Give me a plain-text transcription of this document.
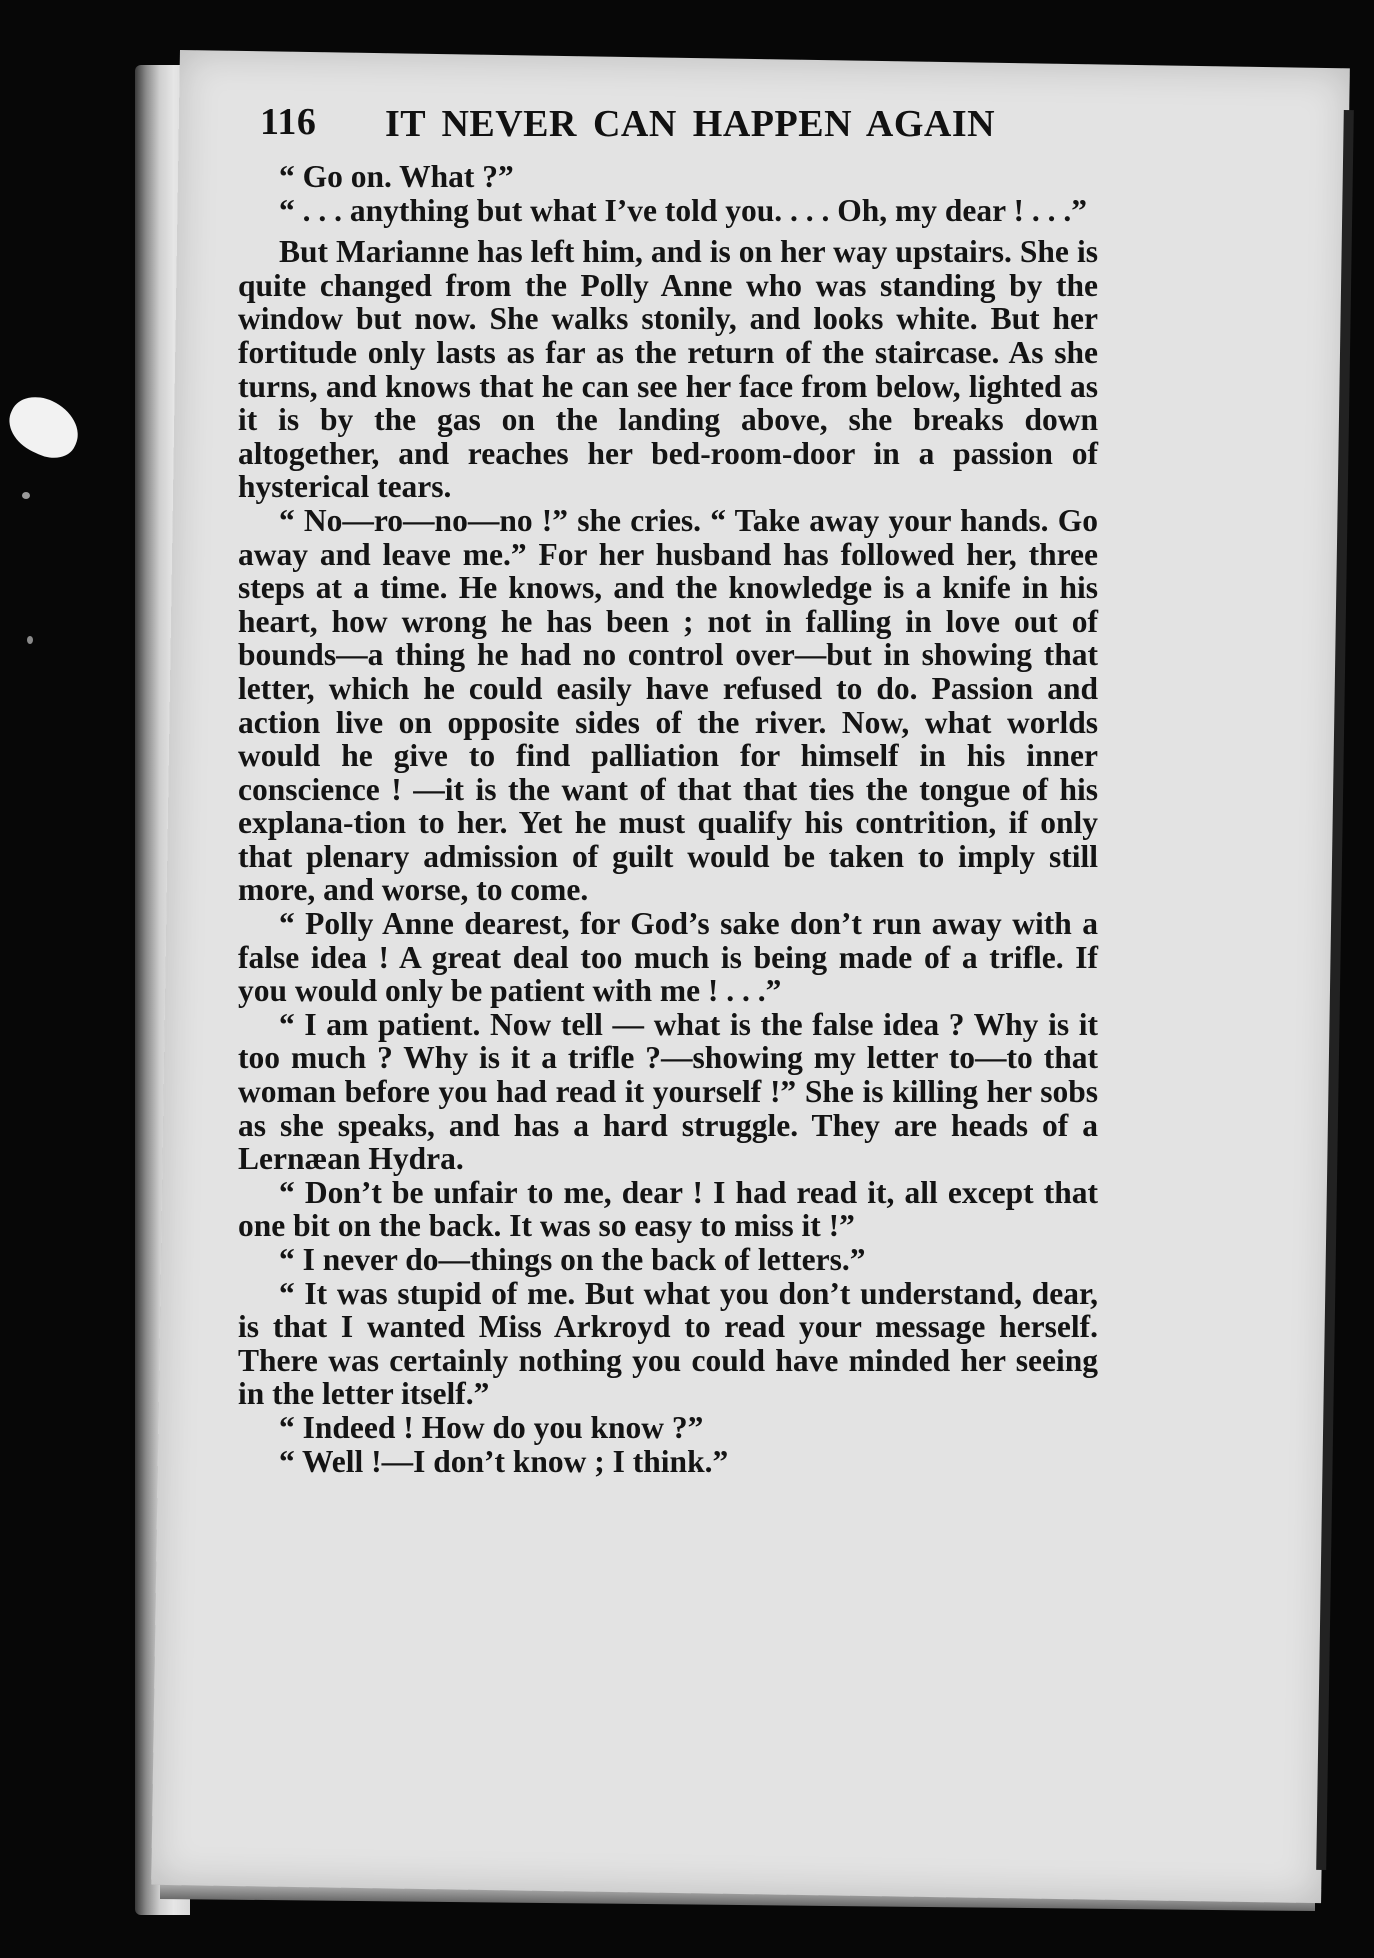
116 IT NEVER CAN HAPPEN AGAIN

“ Go on. What ?”

“ . . . anything but what I’ve told you. . . . Oh, my dear ! . . .”

But Marianne has left him, and is on her way upstairs. She is quite changed from the Polly Anne who was standing by the window but now. She walks stonily, and looks white. But her fortitude only lasts as far as the return of the staircase. As she turns, and knows that he can see her face from below, lighted as it is by the gas on the landing above, she breaks down altogether, and reaches her bed-room-door in a passion of hysterical tears.

“ No—ro—no—no !” she cries. “ Take away your hands. Go away and leave me.” For her husband has followed her, three steps at a time. He knows, and the knowledge is a knife in his heart, how wrong he has been ; not in falling in love out of bounds—a thing he had no control over—but in showing that letter, which he could easily have refused to do. Passion and action live on opposite sides of the river. Now, what worlds would he give to find palliation for himself in his inner conscience ! —it is the want of that that ties the tongue of his explana-tion to her. Yet he must qualify his contrition, if only that plenary admission of guilt would be taken to imply still more, and worse, to come.

“ Polly Anne dearest, for God’s sake don’t run away with a false idea ! A great deal too much is being made of a trifle. If you would only be patient with me ! . . .”

“ I am patient. Now tell — what is the false idea ? Why is it too much ? Why is it a trifle ?—showing my letter to—to that woman before you had read it yourself !” She is killing her sobs as she speaks, and has a hard struggle. They are heads of a Lernæan Hydra.

“ Don’t be unfair to me, dear ! I had read it, all except that one bit on the back. It was so easy to miss it !”

“ I never do—things on the back of letters.”

“ It was stupid of me. But what you don’t understand, dear, is that I wanted Miss Arkroyd to read your message herself. There was certainly nothing you could have minded her seeing in the letter itself.”

“ Indeed ! How do you know ?”

“ Well !—I don’t know ; I think.”
